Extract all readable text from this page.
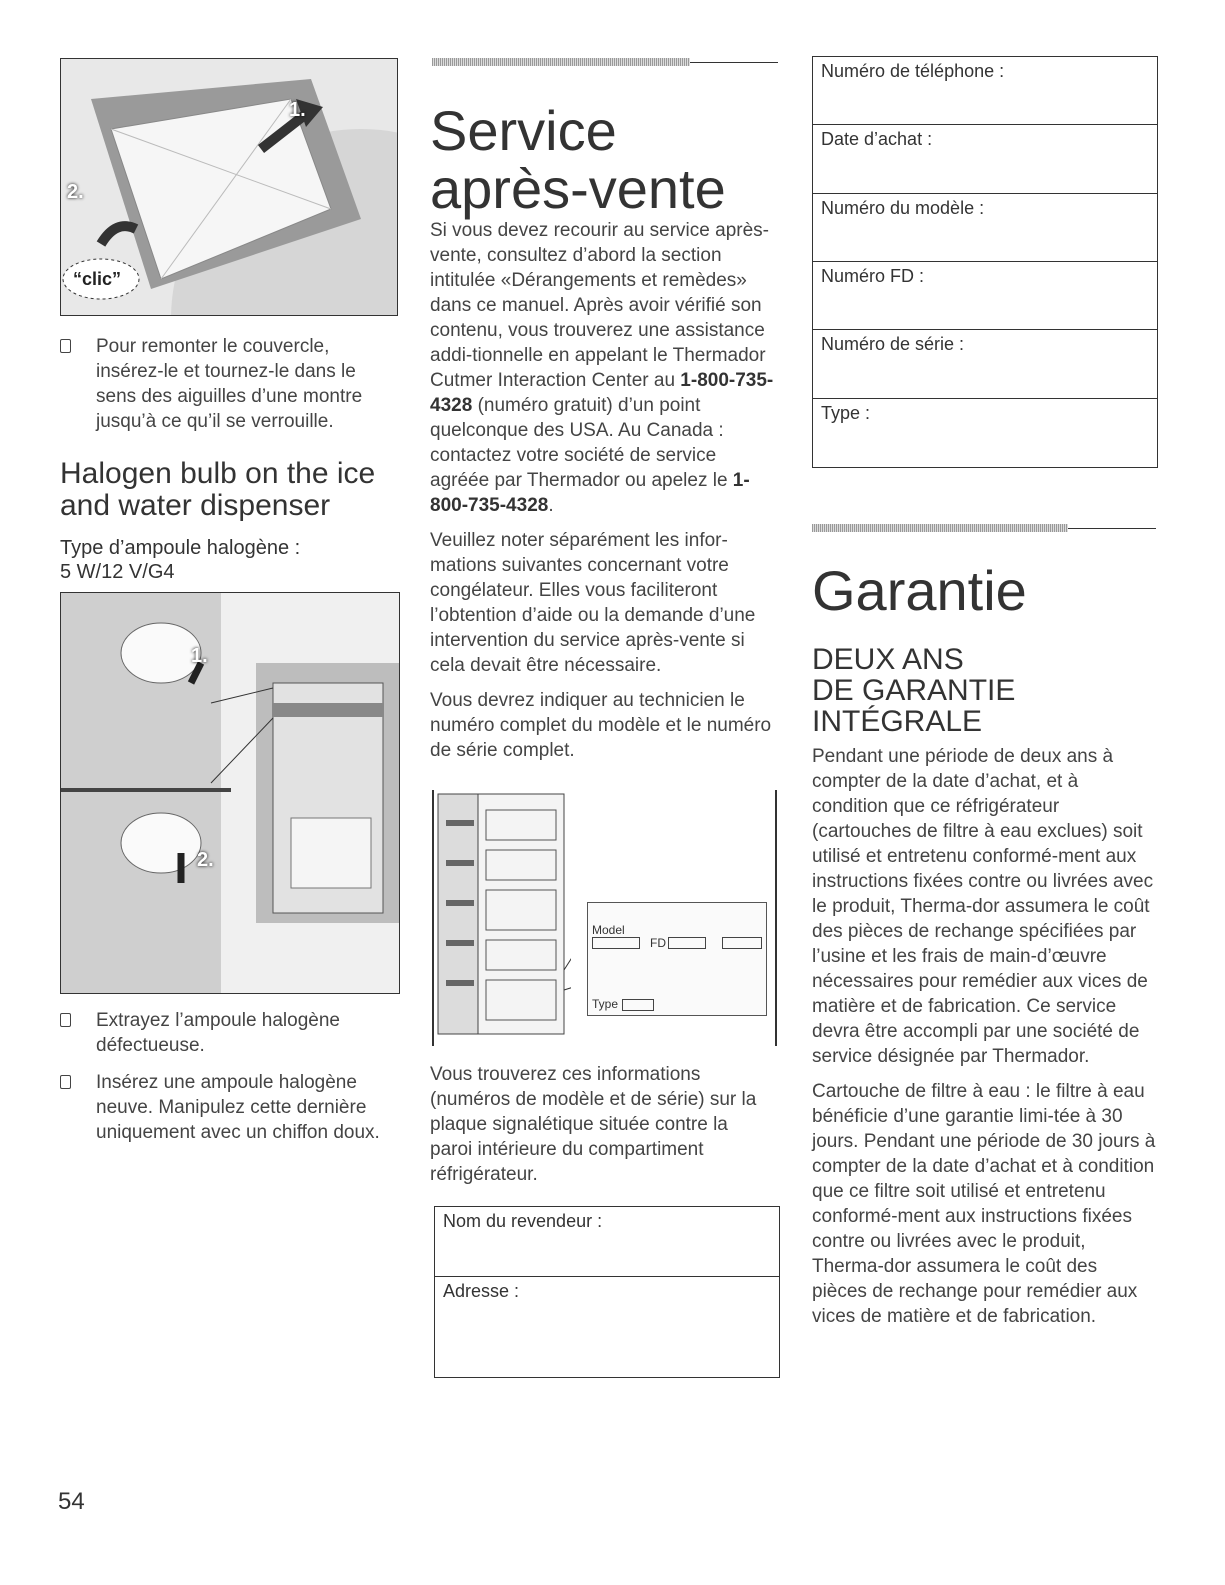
1.
2.
“clic”
Pour remonter le couvercle, insérez-le et tournez-le dans le sens des aiguilles d’une montre jusqu’à ce qu’il se verrouille.
Halogen bulb on the ice and water dispenser
Type d’ampoule halogène :
5 W/12 V/G4
1.
2.
Extrayez l’ampoule halogène défectueuse.
Insérez une ampoule halogène neuve. Manipulez cette dernière uniquement avec un chiffon doux.
54
Service après-vente

Si vous devez recourir au service après-vente, consultez d’abord la section intitulée «Dérangements et remèdes» dans ce manuel. Après avoir vérifié son contenu, vous trouverez une assistance addi-tionnelle en appelant le Thermador Cutmer Interaction Center au 1-800-735-4328 (numéro gratuit) d’un point quelconque des USA. Au Canada : contactez votre société de service agréée par Thermador ou apelez le 1-800-735-4328.

Veuillez noter séparément les infor-mations suivantes concernant votre congélateur. Elles vous faciliteront l’obtention d’aide ou la demande d’une intervention du service après-vente si cela devait être nécessaire.

Vous devrez indiquer au technicien le numéro complet du modèle et le numéro de série complet.

Model
FD
Type

Vous trouverez ces informations (numéros de modèle et de série) sur la plaque signalétique située contre la paroi intérieure du compartiment réfrigérateur.

Nom du revendeur :
Adresse :
Numéro de téléphone :
Date d’achat :
Numéro du modèle :
Numéro FD :
Numéro de série :
Type :
Garantie
DEUX ANS
DE GARANTIE
INTÉGRALE

Pendant une période de deux ans à compter de la date d’achat, et à condition que ce réfrigérateur (cartouches de filtre à eau exclues) soit utilisé et entretenu conformé-ment aux instructions fixées contre ou livrées avec le produit, Therma-dor assumera le coût des pièces de rechange spécifiées par l’usine et les frais de main-d’œuvre nécessaires pour remédier aux vices de matière et de fabrication. Ce service devra être accompli par une société de service désignée par Thermador.

Cartouche de filtre à eau : le filtre à eau bénéficie d’une garantie limi-tée à 30 jours. Pendant une période de 30 jours à compter de la date d’achat et à condition que ce filtre soit utilisé et entretenu conformé-ment aux instructions fixées contre ou livrées avec le produit, Therma-dor assumera le coût des pièces de rechange pour remédier aux vices de matière et de fabrication.
